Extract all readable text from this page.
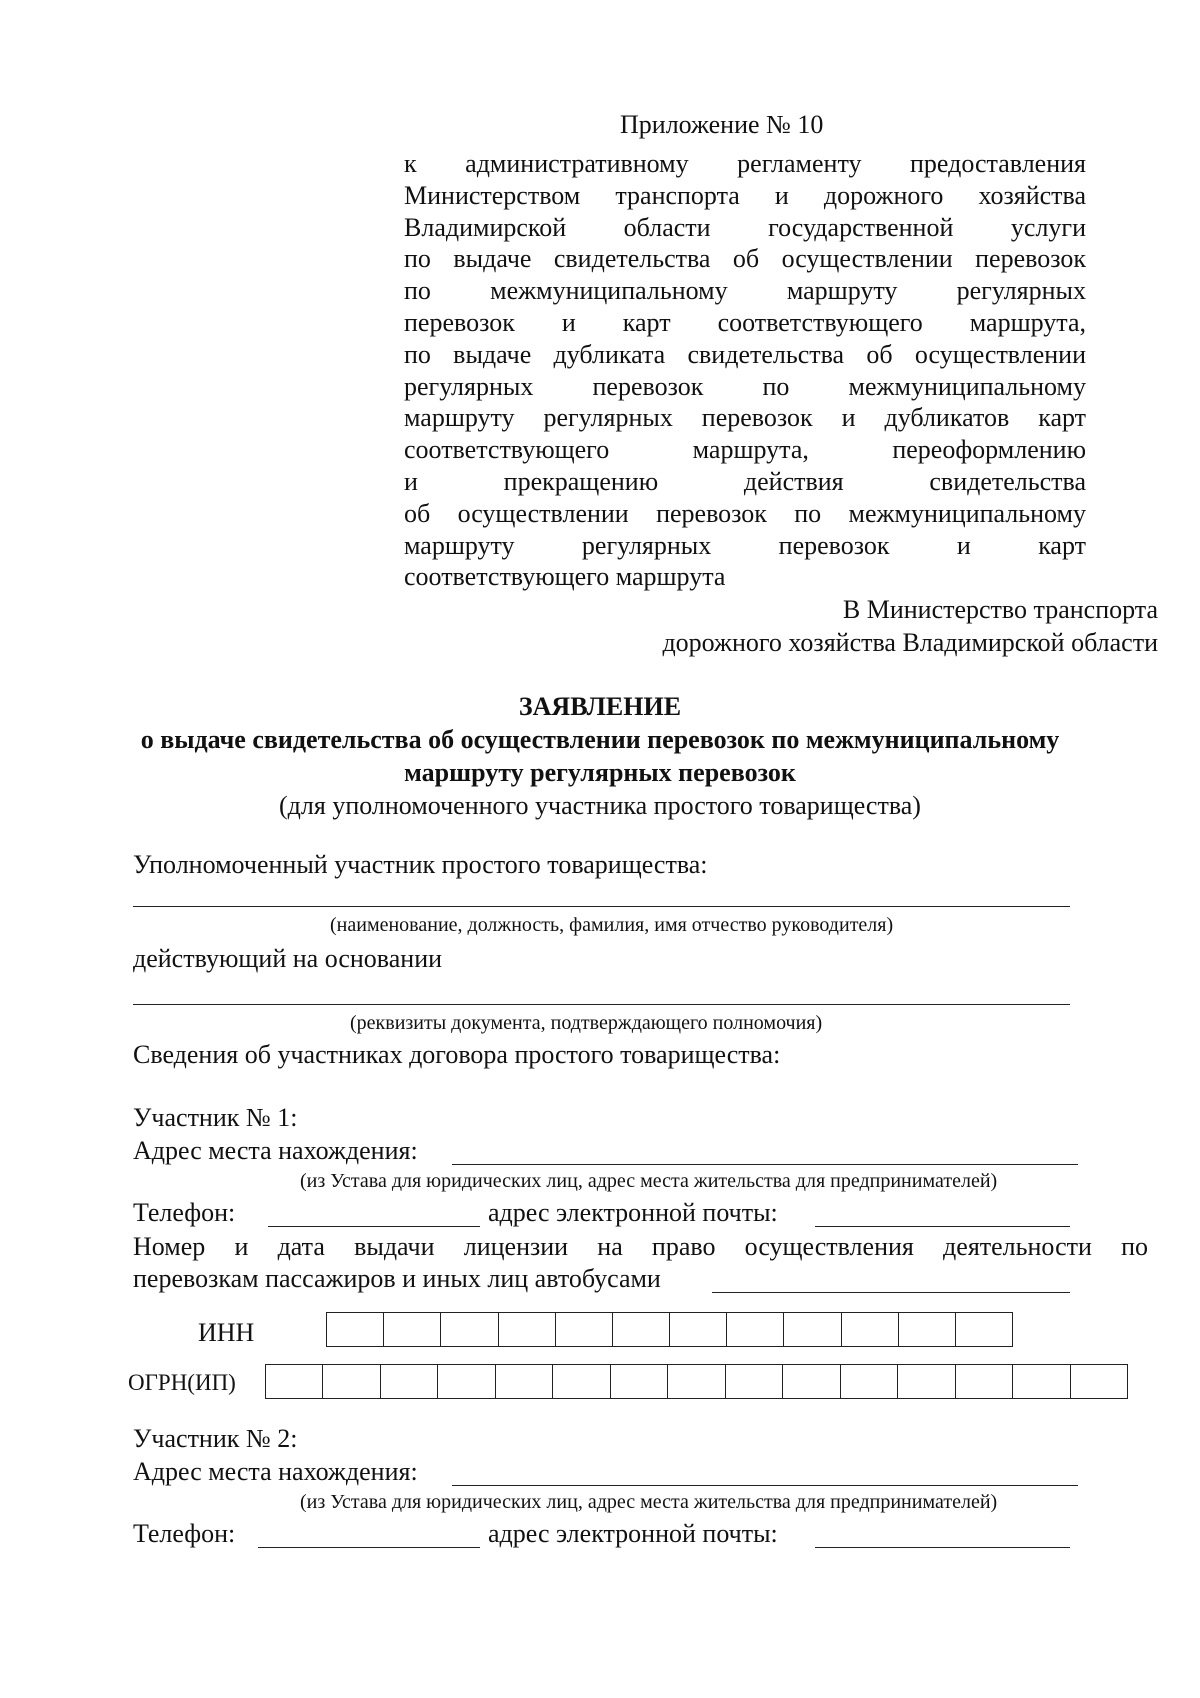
Приложение № 10
к административному регламенту предоставления
Министерством транспорта и дорожного хозяйства
Владимирской области государственной услуги
по выдаче свидетельства об осуществлении перевозок
по межмуниципальному маршруту регулярных
перевозок и карт соответствующего маршрута,
по выдаче дубликата свидетельства об осуществлении
регулярных перевозок по межмуниципальному
маршруту регулярных перевозок и дубликатов карт
соответствующего маршрута, переоформлению
и прекращению действия свидетельства
об осуществлении перевозок по межмуниципальному
маршруту регулярных перевозок и карт
соответствующего маршрута
В Министерство транспорта
дорожного хозяйства Владимирской области
ЗАЯВЛЕНИЕ
о выдаче свидетельства об осуществлении перевозок по межмуниципальному
маршруту регулярных перевозок
(для уполномоченного участника простого товарищества)
Уполномоченный участник простого товарищества:
(наименование, должность, фамилия, имя отчество руководителя)
действующий на основании
(реквизиты документа, подтверждающего полномочия)
Сведения об участниках договора простого товарищества:
Участник № 1:
Адрес места нахождения:
(из Устава для юридических лиц, адрес места жительства для предпринимателей)
Телефон:	адрес электронной почты:
Номер и дата выдачи лицензии на право осуществления деятельности по
перевозкам пассажиров и иных лиц автобусами
ИНН
ОГРН(ИП)
Участник № 2:
Адрес места нахождения:
(из Устава для юридических лиц, адрес места жительства для предпринимателей)
Телефон:	адрес электронной почты:
